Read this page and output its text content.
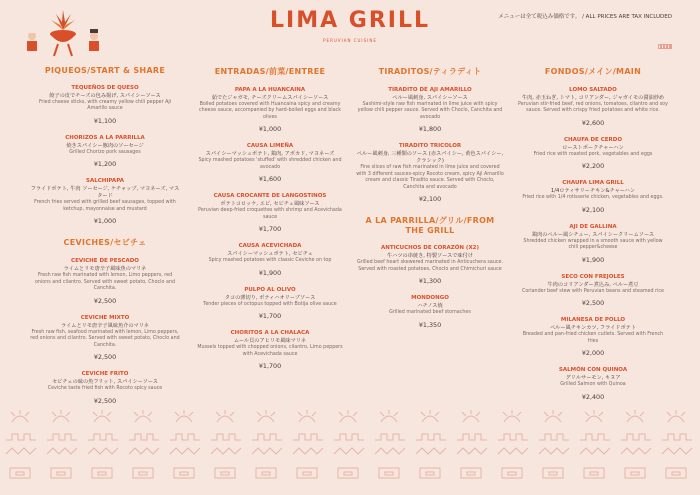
LIMA GRILL
PERUVIAN CUISINE
メニューは全て税込み価格です。 / ALL PRICES ARE TAX INCLUDED
PIQUEOS/START & SHARE
TEQUEÑOS DE QUESO
餃子の皮でチーズの包み揚げ, スパイシーソース
Fried cheese sticks, with creamy yellow chili pepper Aji Amarillo sauce
¥1,100
CHORIZOS A LA PARRILLA
焼きスパイシー豚肉のソーセージ
Grilled Chorizo pork sausages
¥1,200
SALCHIPAPA
フライドポテト, 牛肉 ソーセージ, ケチャップ, マヨネーズ, マスタード
French fries served with grilled beef sausages, topped with ketchup, mayonnaise and mustard
¥1,000
CEVICHES/セビチェ
CEVICHE DE PESCADO
ライムとリモ唐辛子風味魚のマリネ
Fresh raw fish marinated with lemon, Limo peppers, red onions and cilantro. Served with sweet potato, Choclo and Canchita.
¥2,500
CEVICHE MIXTO
ライムとリモ唐辛子風味魚介のマリネ
Fresh raw fish, seafood marinated with lemon, Limo peppers, red onions and cilantro. Served with sweet potato, Choclo and Canchita.
¥2,500
CEVICHE FRITO
セビチェの味の魚フリット, スパイシーソース
Ceviche taste fried fish with Rocoto spicy sauce
¥2,500
ENTRADAS/前菜/ENTREE
PAPA A LA HUANCAINA
茹でたジャガモ, チーズクリームスパイシーソース
Boiled potatoes covered with Huancaina spicy and creamy cheese sauce, accompanied by hard-boiled eggs and black olives
¥1,000
CAUSA LIMEÑA
スパイシーマッシュポテト, 鶏肉, アボカド, マヨネーズ
Spicy mashed potatoes 'stuffed' with shredded chicken and avocado
¥1,600
CAUSA CROCANTE DE LANGOSTINOS
ポテトコロッケ, エビ, セビチェ風味ソース
Peruvian deep-fried croquettes with shrimp and Acevichada sauce
¥1,700
CAUSA ACEVICHADA
スパイシーマッシュポテト, セビチェ
Spicy mashed potatoes with classic Ceviche on top
¥1,900
PULPO AL OLIVO
タコの薄切り, ボティハオリーブソース
Tender pieces of octopus topped with Botija olive sauce
¥1,700
CHORITOS A LA CHALACA
ムール貝のアヒリモ風味マリネ
Mussels topped with chopped onions, cilantro, Limo peppers with Acevichada sauce
¥1,700
TIRADITOS/ティラディト
TIRADITO DE AJI AMARILLO
ペルー風刺身, スパイシーソース
Sashimi-style raw fish marinated in lime juice with spicy yellow chili pepper sauce. Served with Choclo, Canchita and avocado
¥1,800
TIRADITO TRICOLOR
ペルー風刺身, 三種類のソース (赤スパイシー, 黄色スパイシー, クラシック)
Fine slices of raw fish marinated in lime juice and covered with 3 different sauces-spicy Rocoto cream, spicy Aji Amarillo cream and classic Tiradito sauce. Served with Choclo, Canchita and avocado
¥2,100
A LA PARRILLA/グリル/FROM THE GRILL
ANTICUCHOS DE CORAZÓN (X2)
牛ハツの串焼き, 特製ソースで味付け
Grilled beef heart skewered marinated in Anticuchera sauce. Served with roasted potatoes, Choclo and Chimichuri sauce
¥1,300
MONDONGO
ハチノス焼
Grilled marinated beef stomaches
¥1,350
FONDOS/メイン/MAIN
LOMO SALTADO
牛肉, 赤玉ねぎ, トマト, コリアンダー, ジャガイモの醤油炒め
Peruvian stir-fried beef, red onions, tomatoes, cilantro and soy sauce. Served with crispy fried potatoes and white rice.
¥2,600
CHAUFA DE CERDO
ローストポークチャーハン
Fried rice with roasted pork, vegetables and eggs
¥2,200
CHAUFA LIMA GRILL
1/4ロティサリーチキン&チャーハン
Fried rice with 1/4 rotisserie chicken, vegetables and eggs.
¥2,100
AJI DE GALLINA
鶏肉のペルー風シチュー, スパイシークリームソース
Shredded chicken wrapped in a smooth sauce with yellow chili pepper&cheese
¥1,900
SECO CON FREJOLES
牛肉のコリアンダー煮込み, ペルー煮豆
Coriander beef stew with Peruvian beans and steamed rice
¥2,500
MILANESA DE POLLO
ペルー風チキンカツ, フライドポテト
Breaded and pan-fried chicken cutlets. Served with French fries
¥2,000
SALMÓN CON QUINOA
グリルサーモン, キヌア
Grilled Salmon with Quinoa
¥2,400
